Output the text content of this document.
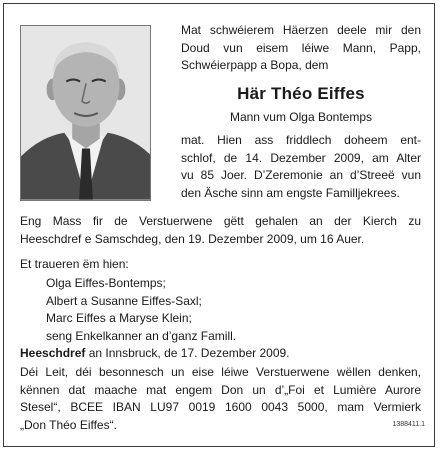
Mat schwéierem Häerzen deele mir den

Doud vun eisem léiwe Mann, Papp,

Schwéierpapp a Bopa, dem

Här Théo Eiffes
Mann vum Olga Bontemps

mat. Hien ass friddlech doheem ent-

schlof, de 14. Dezember 2009, am Alter

vu 85 Joer. D’Zeremonie an d’Streeë vun

den Äsche sinn am engste Familljekrees.

Eng Mass fir de Verstuerwene gëtt gehalen an der Kierch zu

Heeschdref e Samschdeg, den 19. Dezember 2009, um 16 Auer.

Et traueren ëm hien:
Olga Eiffes-Bontemps;
Albert a Susanne Eiffes-Saxl;
Marc Eiffes a Maryse Klein;
seng Enkelkanner an d’ganz Famill.
Heeschdref an Innsbruck, de 17. Dezember 2009.

Déi Leit, déi besonnesch un eise léiwe Verstuerwene wëllen denken,

kënnen dat maache mat engem Don un d’„Foi et Lumière Aurore

Stesel“, BCEE IBAN LU97 0019 1600 0043 5000, mam Vermierk

„Don Théo Eiffes“.	1388411.1
